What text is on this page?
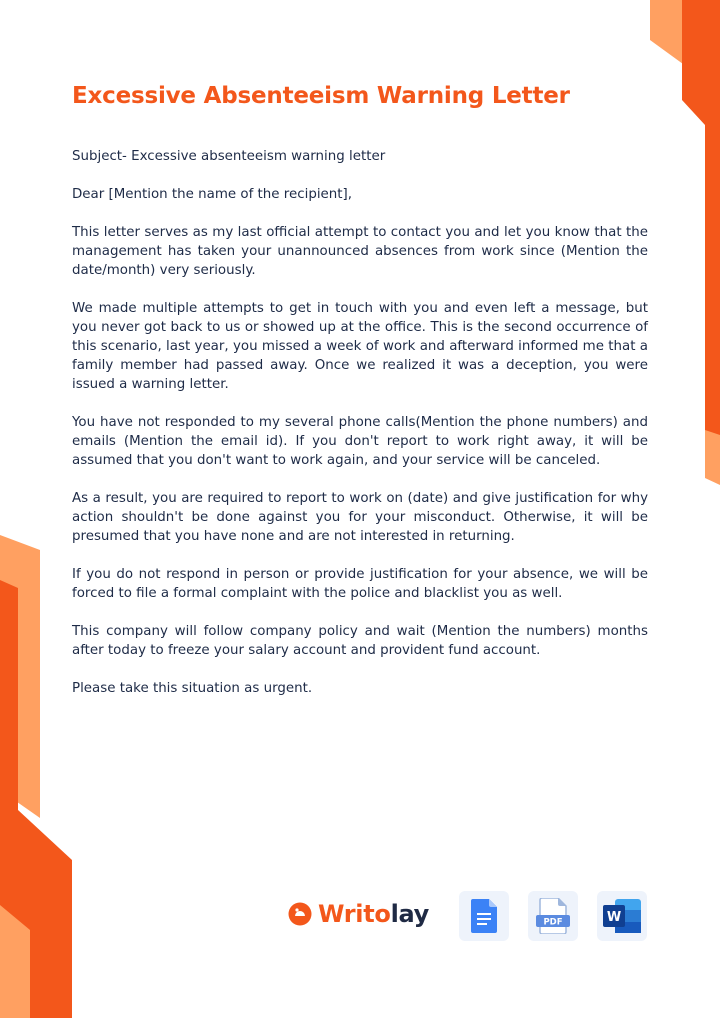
Excessive Absenteeism Warning Letter

Subject- Excessive absenteeism warning letter

Dear [Mention the name of the recipient],

This letter serves as my last official attempt to contact you and let you know that the management has taken your unannounced absences from work since (Mention the date/month) very seriously.

We made multiple attempts to get in touch with you and even left a message, but you never got back to us or showed up at the office. This is the second occurrence of this scenario, last year, you missed a week of work and afterward informed me that a family member had passed away. Once we realized it was a deception, you were issued a warning letter.

You have not responded to my several phone calls(Mention the phone numbers) and emails (Mention the email id). If you don't report to work right away, it will be assumed that you don't want to work again, and your service will be canceled.

As a result, you are required to report to work on (date) and give justification for why action shouldn't be done against you for your misconduct. Otherwise, it will be presumed that you have none and are not interested in returning.

If you do not respond in person or provide justification for your absence, we will be forced to file a formal complaint with the police and blacklist you as well.

This company will follow company policy and wait (Mention the numbers) months after today to freeze your salary account and provident fund account.

Please take this situation as urgent.

Writolay	PDF	W
